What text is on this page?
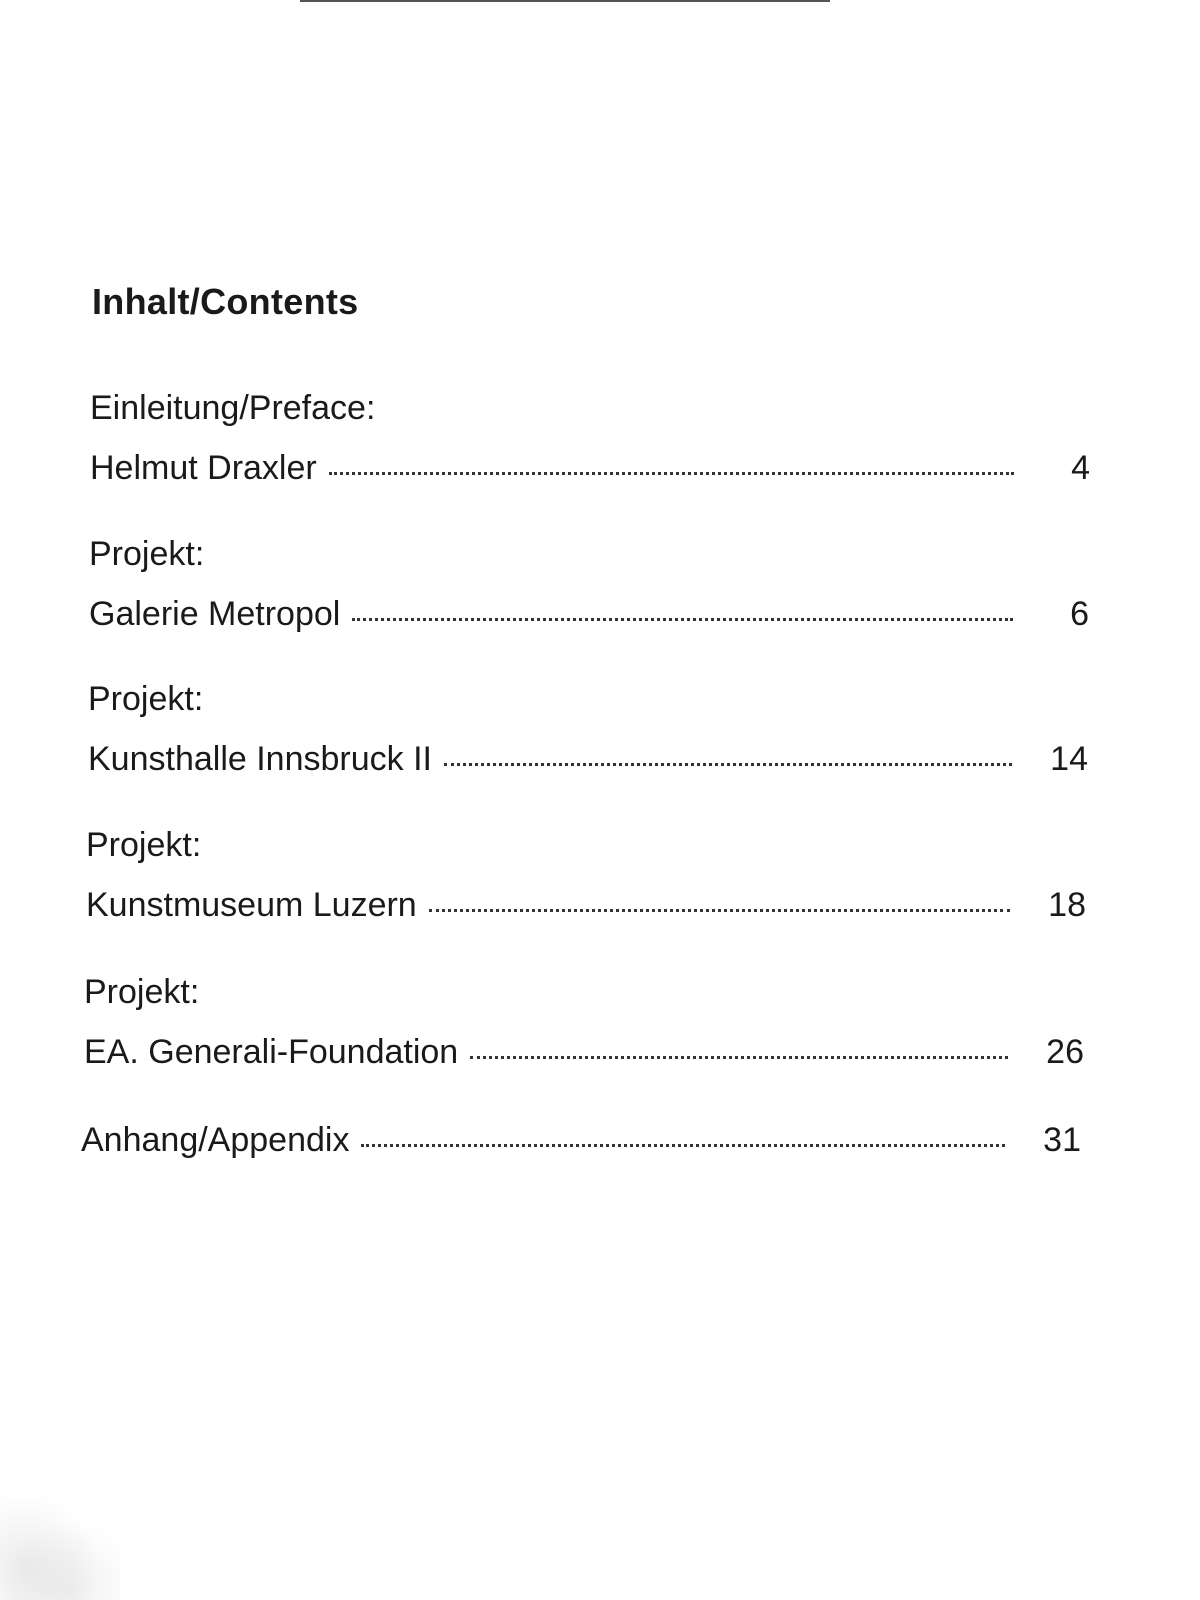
Inhalt/Contents
Einleitung/Preface:
Helmut Draxler	4
Projekt:
Galerie Metropol	6
Projekt:
Kunsthalle Innsbruck II	14
Projekt:
Kunstmuseum Luzern	18
Projekt:
EA. Generali-Foundation	26
Anhang/Appendix	31
